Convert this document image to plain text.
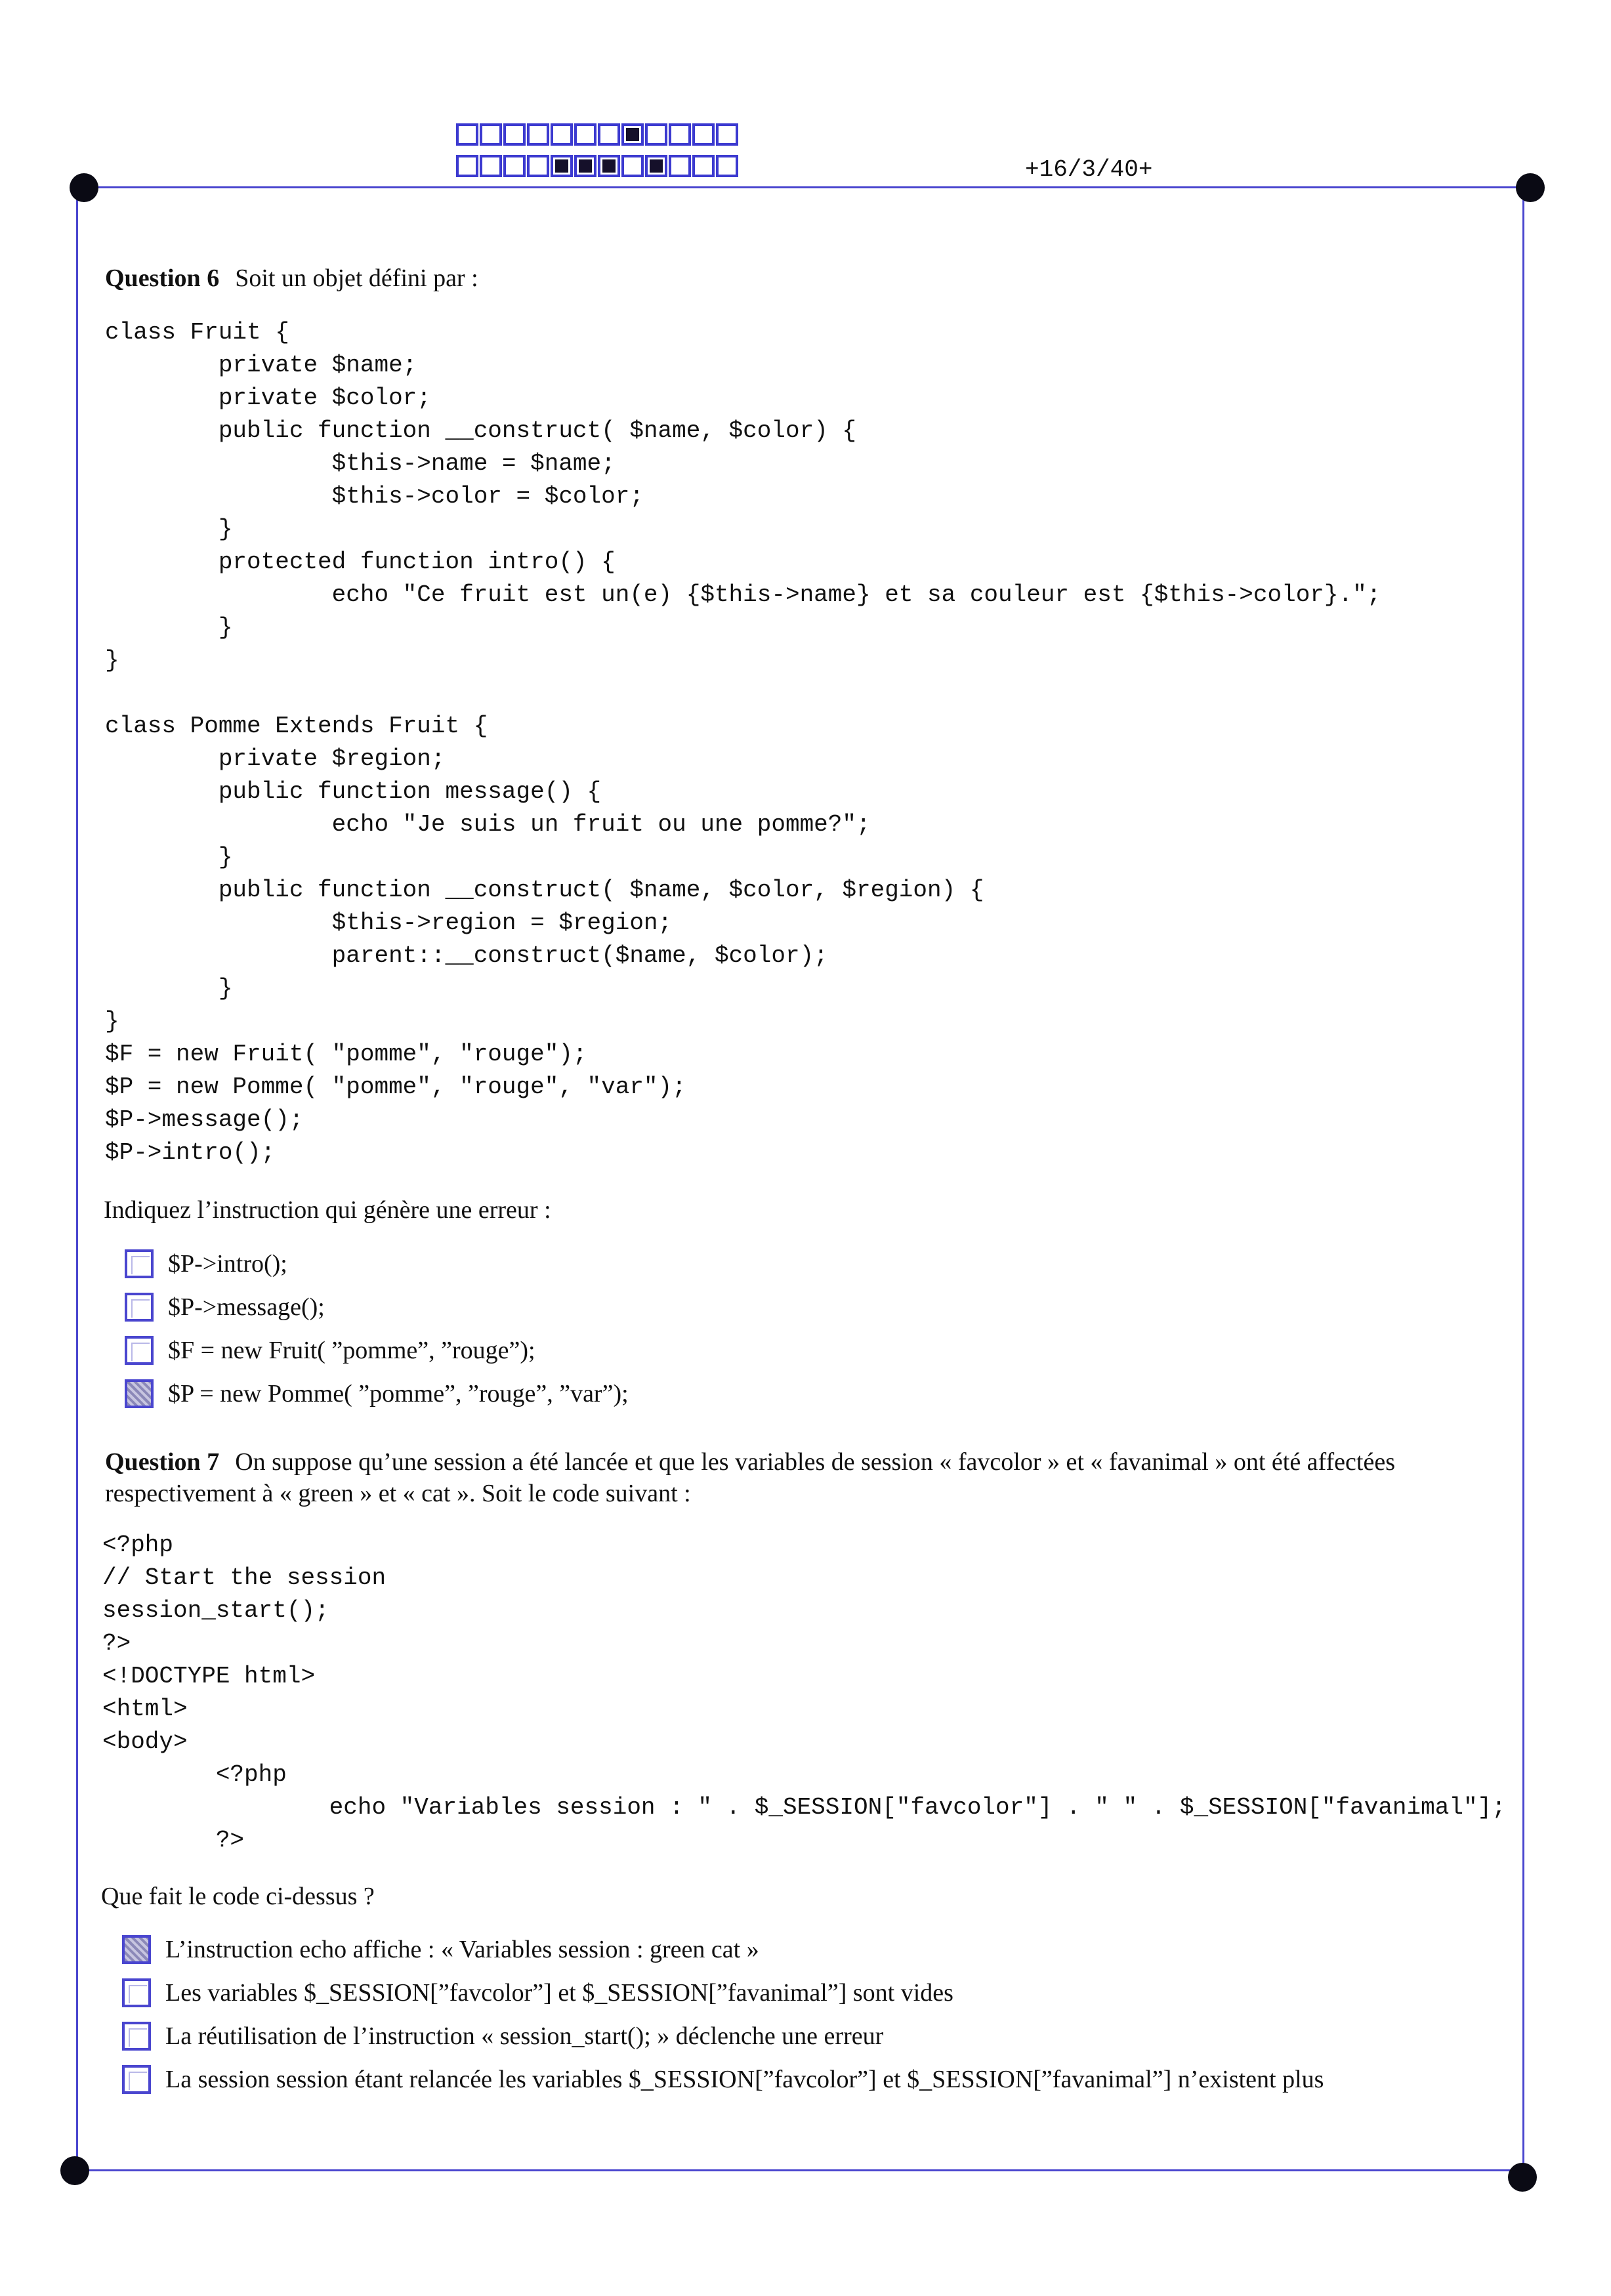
+16/3/40+
Question 6 Soit un objet défini par :
class Fruit {
private $name;
private $color;
public function __construct( $name, $color) {
$this->name = $name;
$this->color = $color;
}
protected function intro() {
echo "Ce fruit est un(e) {$this->name} et sa couleur est {$this->color}.";
}
}

class Pomme Extends Fruit {
private $region;
public function message() {
echo "Je suis un fruit ou une pomme?";
}
public function __construct( $name, $color, $region) {
$this->region = $region;
parent::__construct($name, $color);
}
}
$F = new Fruit( "pomme", "rouge");
$P = new Pomme( "pomme", "rouge", "var");
$P->message();
$P->intro();
Indiquez l’instruction qui génère une erreur :
$P->intro();
$P->message();
$F = new Fruit( ”pomme”, ”rouge”);
$P = new Pomme( ”pomme”, ”rouge”, ”var”);
Question 7 On suppose qu’une session a été lancée et que les variables de session « favcolor » et « favanimal » ont été affectées respectivement à « green » et « cat ». Soit le code suivant :
<?php
// Start the session
session_start();
?>
<!DOCTYPE html>
<html>
<body>
<?php
echo "Variables session : " . $_SESSION["favcolor"] . " " . $_SESSION["favanimal"];
?>
Que fait le code ci-dessus ?
L’instruction echo affiche : « Variables session : green cat »
Les variables $_SESSION[”favcolor”] et $_SESSION[”favanimal”] sont vides
La réutilisation de l’instruction « session_start(); » déclenche une erreur
La session session étant relancée les variables $_SESSION[”favcolor”] et $_SESSION[”favanimal”] n’existent plus
